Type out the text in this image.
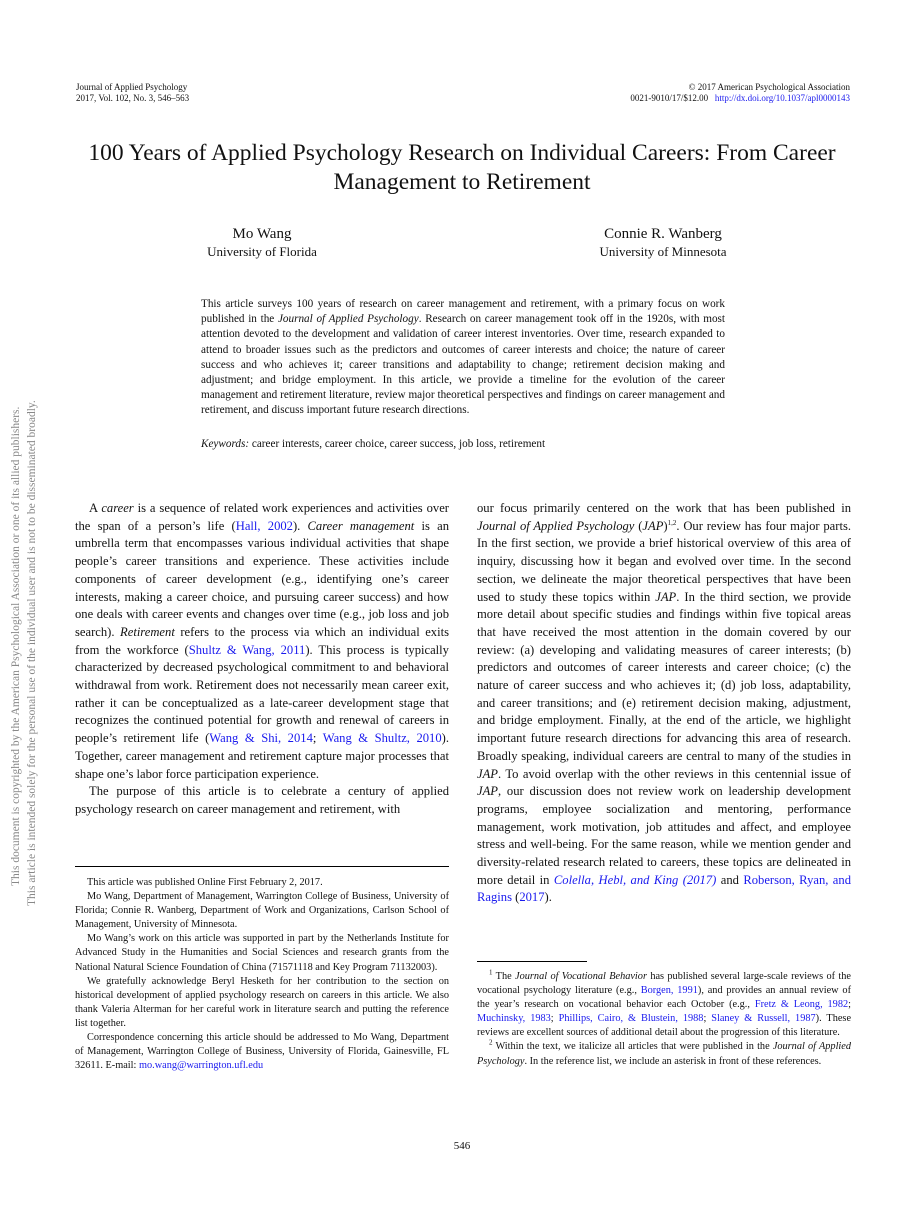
Journal of Applied Psychology
2017, Vol. 102, No. 3, 546–563
© 2017 American Psychological Association
0021-9010/17/$12.00 http://dx.doi.org/10.1037/apl0000143
This document is copyrighted by the American Psychological Association or one of its allied publishers. This article is intended solely for the personal use of the individual user and is not to be disseminated broadly.
100 Years of Applied Psychology Research on Individual Careers: From Career Management to Retirement
Mo Wang
University of Florida
Connie R. Wanberg
University of Minnesota
This article surveys 100 years of research on career management and retirement, with a primary focus on work published in the Journal of Applied Psychology. Research on career management took off in the 1920s, with most attention devoted to the development and validation of career interest inventories. Over time, research expanded to attend to broader issues such as the predictors and outcomes of career interests and choice; the nature of career success and who achieves it; career transitions and adaptability to change; retirement decision making and adjustment; and bridge employment. In this article, we provide a timeline for the evolution of the career management and retirement literature, review major theoretical perspectives and findings on career management and retirement, and discuss important future research directions.
Keywords: career interests, career choice, career success, job loss, retirement

A career is a sequence of related work experiences and activities over the span of a person’s life (Hall, 2002). Career management is an umbrella term that encompasses various individual activities that shape people’s career transitions and experience. These activities include components of career development (e.g., identifying one’s career interests, making a career choice, and pursuing career success) and how one deals with career events and changes over time (e.g., job loss and job search). Retirement refers to the process via which an individual exits from the workforce (Shultz & Wang, 2011). This process is typically characterized by decreased psychological commitment to and behavioral withdrawal from work. Retirement does not necessarily mean career exit, rather it can be conceptualized as a late-career development stage that recognizes the continued potential for growth and renewal of careers in people’s retirement life (Wang & Shi, 2014; Wang & Shultz, 2010). Together, career management and retirement capture major processes that shape one’s labor force participation experience.

The purpose of this article is to celebrate a century of applied psychology research on career management and retirement, with

our focus primarily centered on the work that has been published in Journal of Applied Psychology (JAP)$^{1,2}$. Our review has four major parts. In the first section, we provide a brief historical overview of this area of inquiry, discussing how it began and evolved over time. In the second section, we delineate the major theoretical perspectives that have been used to study these topics within JAP. In the third section, we provide more detail about specific studies and findings within five topical areas that have received the most attention in the domain covered by our review: (a) developing and validating measures of career interests; (b) predictors and outcomes of career interests and career choice; (c) the nature of career success and who achieves it; (d) job loss, adaptability, and career transitions; and (e) retirement decision making, adjustment, and bridge employment. Finally, at the end of the article, we highlight important future research directions for advancing this area of research. Broadly speaking, individual careers are central to many of the studies in JAP. To avoid overlap with the other reviews in this centennial issue of JAP, our discussion does not review work on leadership development programs, employee socialization and mentoring, performance management, work motivation, job attitudes and affect, and employee stress and well-being. For the same reason, while we mention gender and diversity-related research related to careers, these topics are delineated in more detail in Colella, Hebl, and King (2017) and Roberson, Ryan, and Ragins (2017).

This article was published Online First February 2, 2017.

Mo Wang, Department of Management, Warrington College of Business, University of Florida; Connie R. Wanberg, Department of Work and Organizations, Carlson School of Management, University of Minnesota.

Mo Wang’s work on this article was supported in part by the Netherlands Institute for Advanced Study in the Humanities and Social Sciences and research grants from the National Natural Science Foundation of China (71571118 and Key Program 71132003).

We gratefully acknowledge Beryl Hesketh for her contribution to the section on historical development of applied psychology research on careers in this article. We also thank Valeria Alterman for her careful work in literature search and putting the reference list together.

Correspondence concerning this article should be addressed to Mo Wang, Department of Management, Warrington College of Business, University of Florida, Gainesville, FL 32611. E-mail: mo.wang@warrington.ufl.edu

$^1$ The Journal of Vocational Behavior has published several large-scale reviews of the vocational psychology literature (e.g., Borgen, 1991), and provides an annual review of the year’s research on vocational behavior each October (e.g., Fretz & Leong, 1982; Muchinsky, 1983; Phillips, Cairo, & Blustein, 1988; Slaney & Russell, 1987). These reviews are excellent sources of additional detail about the progression of this literature.

$^2$ Within the text, we italicize all articles that were published in the Journal of Applied Psychology. In the reference list, we include an asterisk in front of these references.

546
